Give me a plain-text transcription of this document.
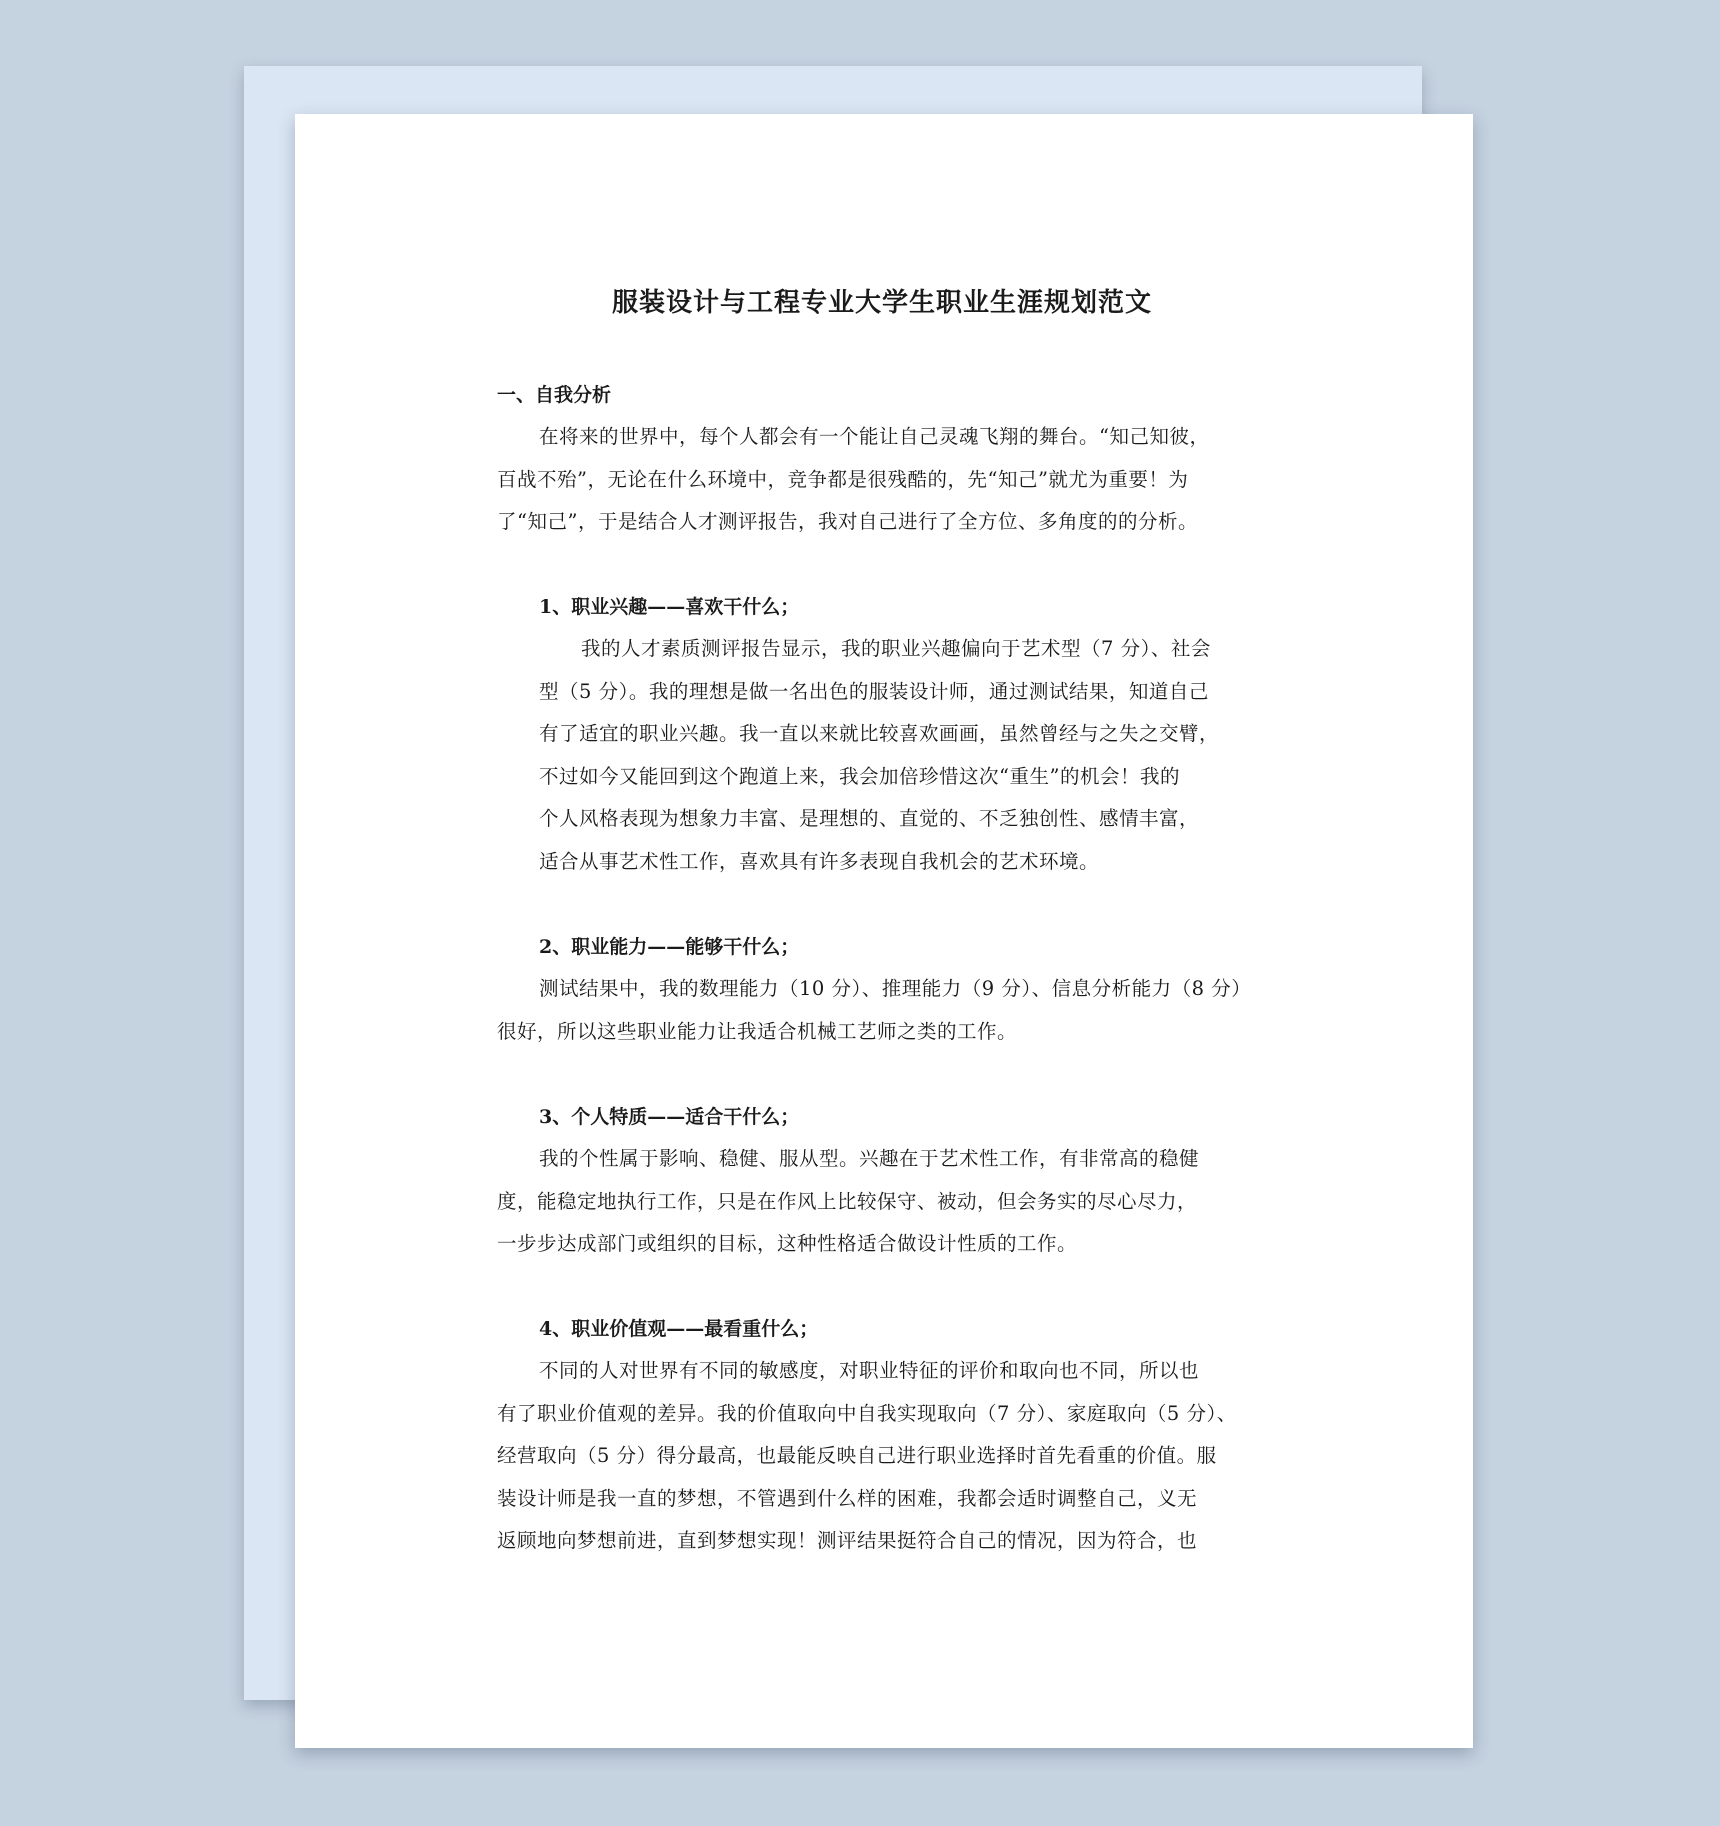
服装设计与工程专业大学生职业生涯规划范文
一、自我分析

在将来的世界中，每个人都会有一个能让自己灵魂飞翔的舞台。“知己知彼，
百战不殆”，无论在什么环境中，竞争都是很残酷的，先“知己”就尤为重要！为
了“知己”，于是结合人才测评报告，我对自己进行了全方位、多角度的的分析。

1、职业兴趣——喜欢干什么；

我的人才素质测评报告显示，我的职业兴趣偏向于艺术型（7 分）、社会
型（5 分）。我的理想是做一名出色的服装设计师，通过测试结果，知道自己
有了适宜的职业兴趣。我一直以来就比较喜欢画画，虽然曾经与之失之交臂，
不过如今又能回到这个跑道上来，我会加倍珍惜这次“重生”的机会！我的
个人风格表现为想象力丰富、是理想的、直觉的、不乏独创性、感情丰富，
适合从事艺术性工作，喜欢具有许多表现自我机会的艺术环境。

2、职业能力——能够干什么；

测试结果中，我的数理能力（10 分）、推理能力（9 分）、信息分析能力（8 分）
很好，所以这些职业能力让我适合机械工艺师之类的工作。

3、个人特质——适合干什么；

我的个性属于影响、稳健、服从型。兴趣在于艺术性工作，有非常高的稳健
度，能稳定地执行工作，只是在作风上比较保守、被动，但会务实的尽心尽力，
一步步达成部门或组织的目标，这种性格适合做设计性质的工作。

4、职业价值观——最看重什么；

不同的人对世界有不同的敏感度，对职业特征的评价和取向也不同，所以也
有了职业价值观的差异。我的价值取向中自我实现取向（7 分）、家庭取向（5 分）、
经营取向（5 分）得分最高，也最能反映自己进行职业选择时首先看重的价值。服
装设计师是我一直的梦想，不管遇到什么样的困难，我都会适时调整自己，义无
返顾地向梦想前进，直到梦想实现！测评结果挺符合自己的情况，因为符合，也
